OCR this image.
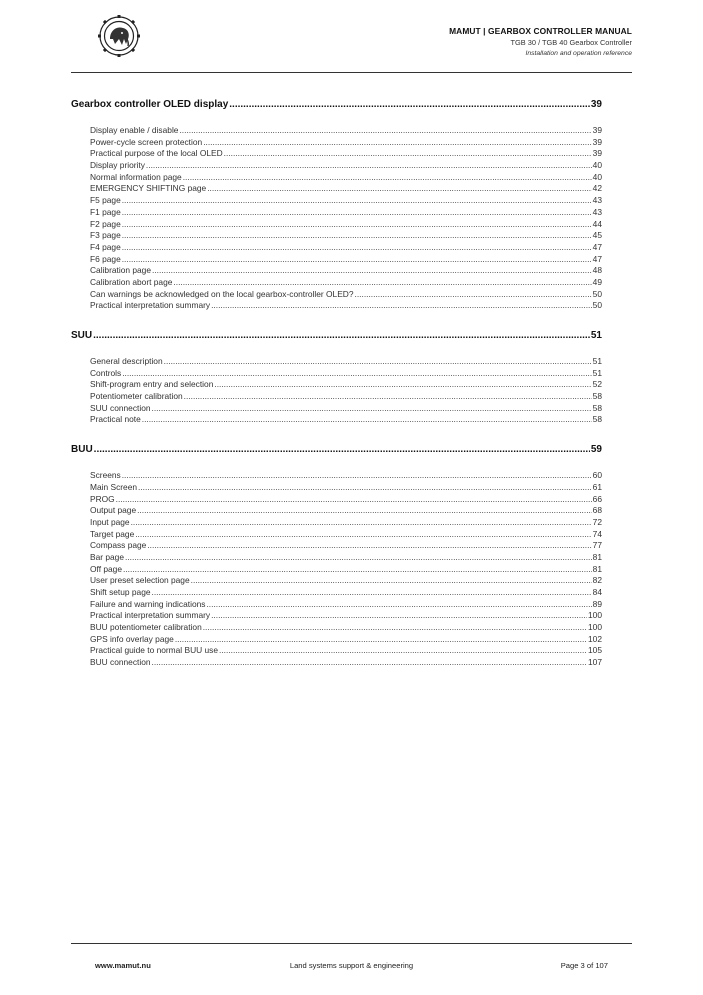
MAMUT | GEARBOX CONTROLLER MANUAL
TGB 30 / TGB 40 Gearbox Controller
Installation and operation reference
Gearbox controller OLED display .....	39
Display enable / disable .....	39
Power-cycle screen protection .....	39
Practical purpose of the local OLED .....	39
Display priority .....	40
Normal information page .....	40
EMERGENCY SHIFTING page .....	42
F5 page .....	43
F1 page .....	43
F2 page .....	44
F3 page .....	45
F4 page .....	47
F6 page .....	47
Calibration page .....	48
Calibration abort page .....	49
Can warnings be acknowledged on the local gearbox-controller OLED? .....	50
Practical interpretation summary .....	50
SUU .....	51
General description .....	51
Controls .....	51
Shift-program entry and selection .....	52
Potentiometer calibration .....	58
SUU connection .....	58
Practical note .....	58
BUU .....	59
Screens .....	60
Main Screen .....	61
PROG .....	66
Output page .....	68
Input page .....	72
Target page .....	74
Compass page .....	77
Bar page .....	81
Off page .....	81
User preset selection page .....	82
Shift setup page .....	84
Failure and warning indications .....	89
Practical interpretation summary .....	100
BUU potentiometer calibration .....	100
GPS info overlay page .....	102
Practical guide to normal BUU use .....	105
BUU connection .....	107
www.mamut.nu	Land systems support & engineering	Page 3 of 107
